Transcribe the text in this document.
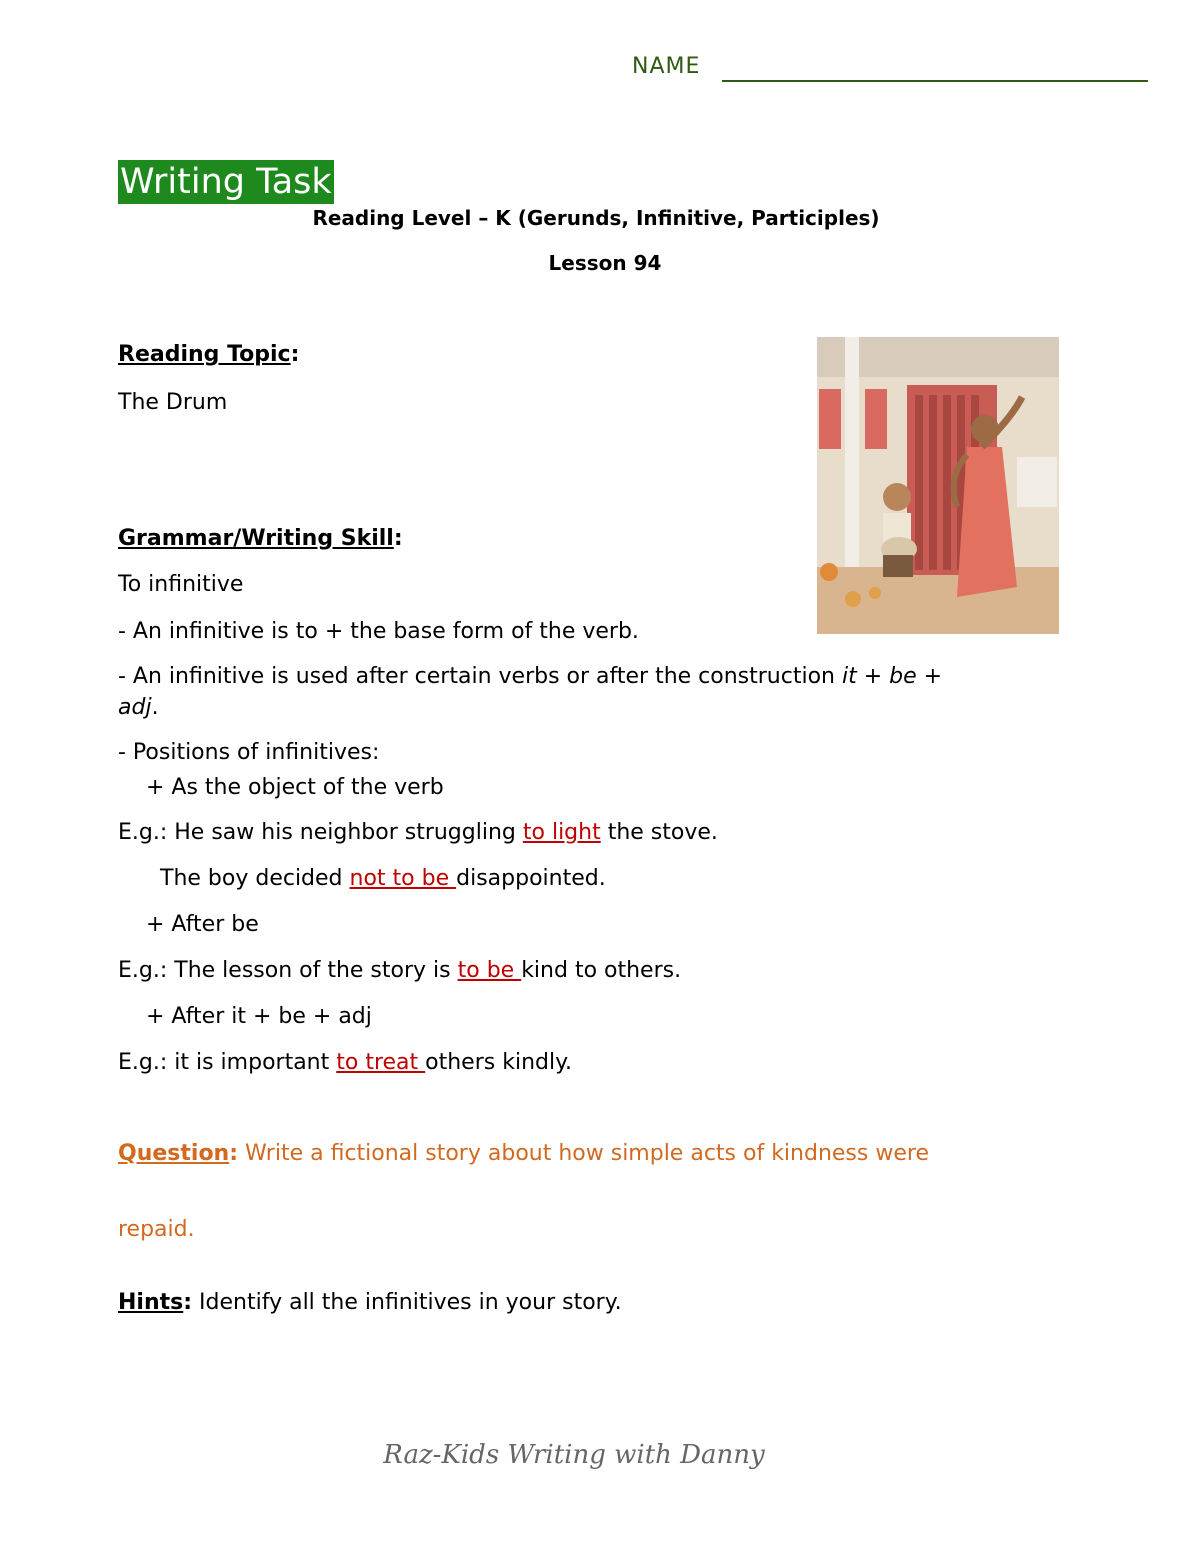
NAME
Writing Task
Reading Level – K (Gerunds, Infinitive, Participles)
Lesson 94
Reading Topic:
The Drum
Grammar/Writing Skill:
To infinitive
- An infinitive is to + the base form of the verb.
- An infinitive is used after certain verbs or after the construction it + be +
adj.
- Positions of infinitives:
+ As the object of the verb
E.g.: He saw his neighbor struggling to light the stove.
The boy decided not to be disappointed.
+ After be
E.g.: The lesson of the story is to be kind to others.
+ After it + be + adj
E.g.: it is important to treat others kindly.
Question: Write a fictional story about how simple acts of kindness were
repaid.
Hints: Identify all the infinitives in your story.
Raz-Kids Writing with Danny
